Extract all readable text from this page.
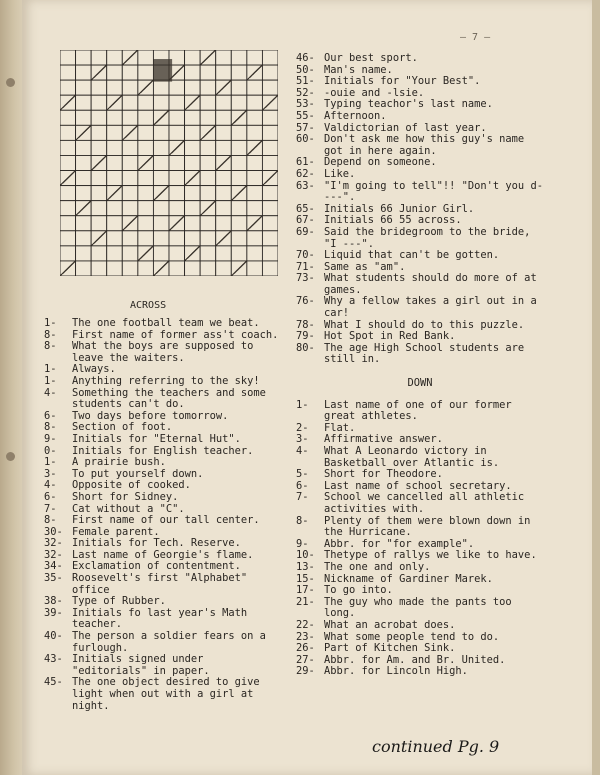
— 7 —
ACROSS
1-	The one football team we beat.
8-	First name of former ass't coach.
8-	What the boys are supposed to leave the waiters.
1-	Always.
1-	Anything referring to the sky!
4-	Something the teachers and some students can't do.
6-	Two days before tomorrow.
8-	Section of foot.
9-	Initials for "Eternal Hut".
0-	Initials for English teacher.
1-	A prairie bush.
3-	To put yourself down.
4-	Opposite of cooked.
6-	Short for Sidney.
7-	Cat without a "C".
8-	First name of our tall center.
30- Female parent.
32- Initials for Tech. Reserve.
32- Last name of Georgie's flame.
34- Exclamation of contentment.
35- Roosevelt's first "Alphabet" office
38- Type of Rubber.
39- Initials fo last year's Math teacher.
40- The person a soldier fears on a furlough.
43- Initials signed under "editorials" in paper.
45- The one object desired to give light when out with a girl at night.
46- Our best sport.
50- Man's name.
51- Initials for "Your Best".
52- -ouie and -lsie.
53- Typing teachor's last name.
55- Afternoon.
57- Valdictorian of last year.
60- Don't ask me how this guy's name got in here again.
61- Depend on someone.
62- Like.
63- "I'm going to tell"!! "Don't you d----".
65- Initials 66 Junior Girl.
67- Initials 66 55 across.
69- Said the bridegroom to the bride, "I ---".
70- Liquid that can't be gotten.
71- Same as "am".
73- What students should do more of at games.
76- Why a fellow takes a girl out in a car!
78- What I should do to this puzzle.
79- Hot Spot in Red Bank.
80- The age High School students are still in.
DOWN
1-	Last name of one of our former great athletes.
2-	Flat.
3-	Affirmative answer.
4-	What A Leonardo victory in Basketball over Atlantic is.
5-	Short for Theodore.
6-	Last name of school secretary.
7-	School we cancelled all athletic activities with.
8-	Plenty of them were blown down in the Hurricane.
9-	Abbr. for "for example".
10- Thetype of rallys we like to have.
13- The one and only.
15- Nickname of Gardiner Marek.
17- To go into.
21- The guy who made the pants too long.
22- What an acrobat does.
23- What some people tend to do.
26- Part of Kitchen Sink.
27- Abbr. for Am. and Br. United.
29- Abbr. for Lincoln High.
continued Pg. 9
